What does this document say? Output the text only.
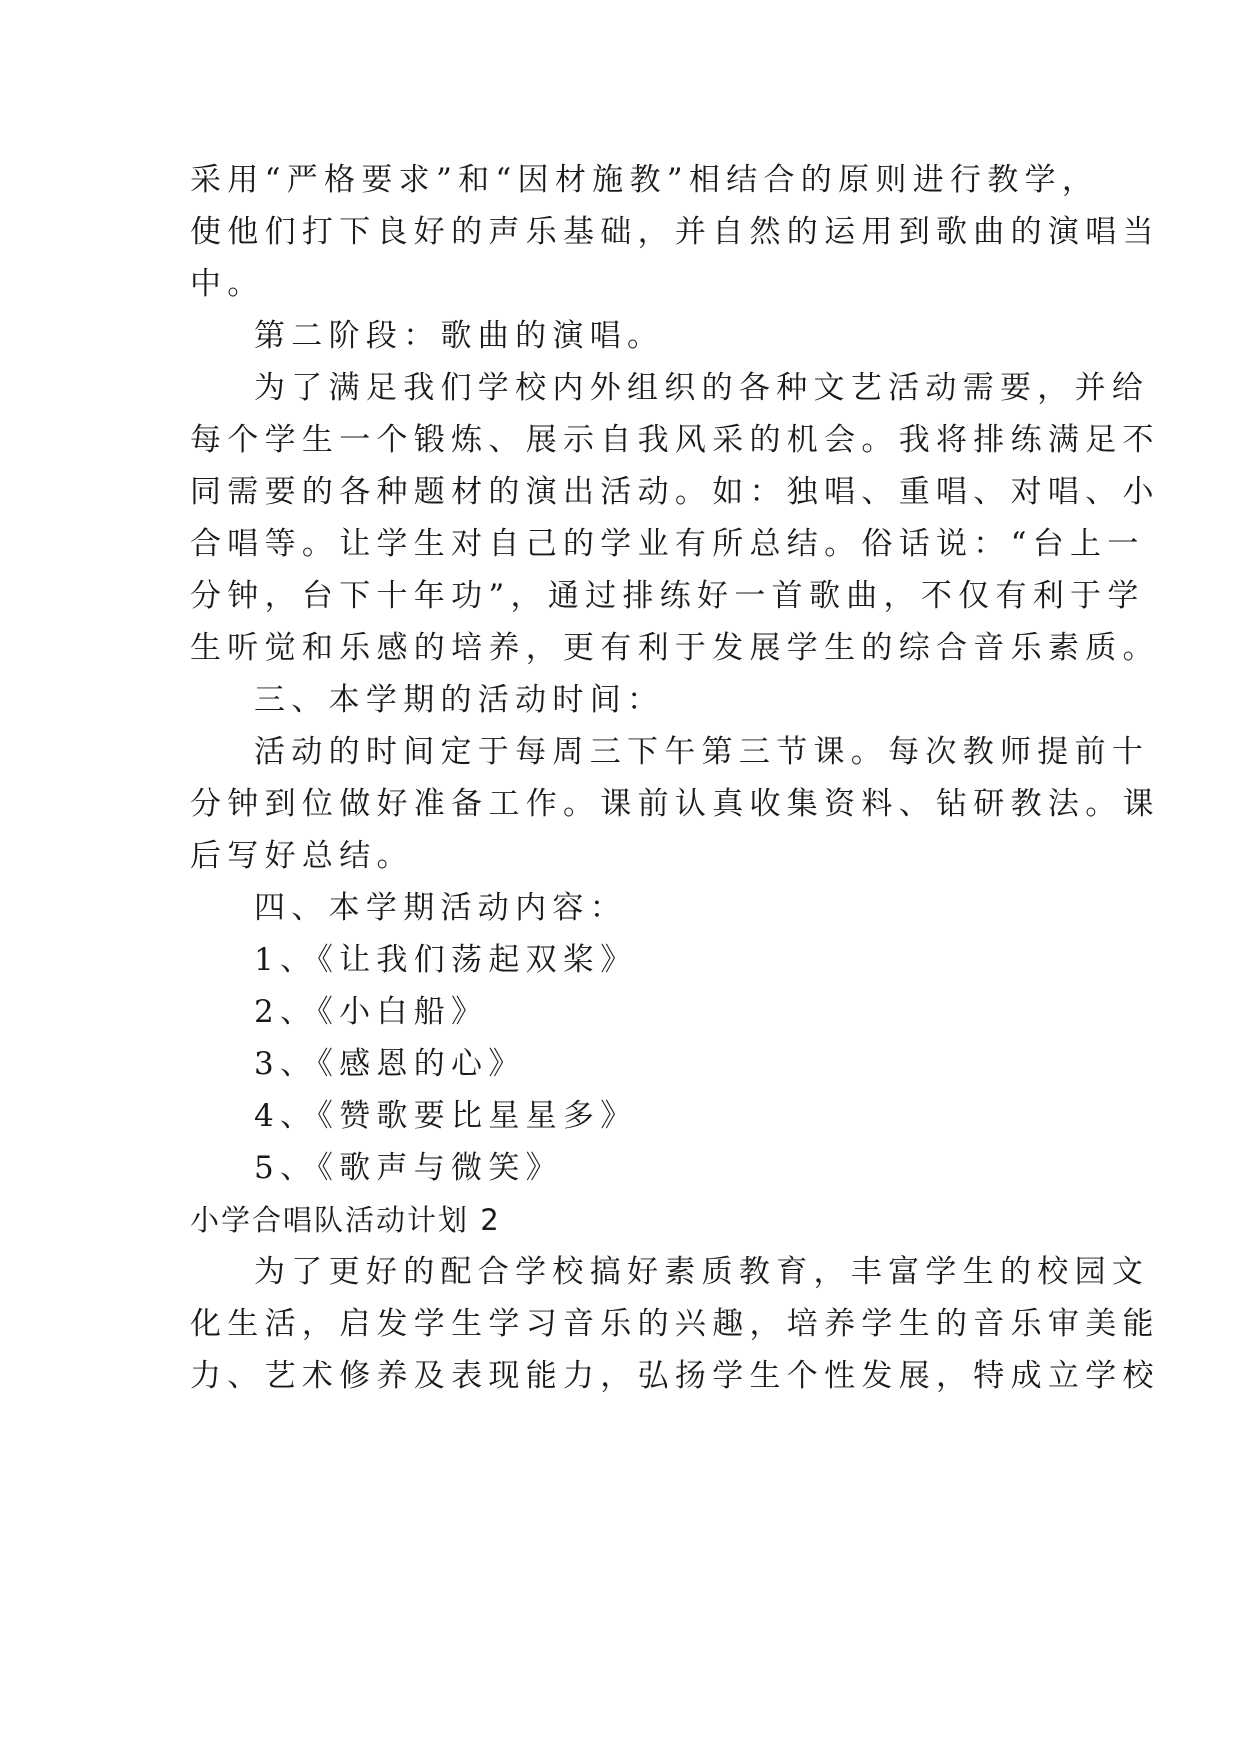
采用“严格要求”和“因材施教”相结合的原则进行教学，
使他们打下良好的声乐基础，并自然的运用到歌曲的演唱当
中。
第二阶段：歌曲的演唱。
为了满足我们学校内外组织的各种文艺活动需要，并给
每个学生一个锻炼、展示自我风采的机会。我将排练满足不
同需要的各种题材的演出活动。如：独唱、重唱、对唱、小
合唱等。让学生对自己的学业有所总结。俗话说：“台上一
分钟，台下十年功”，通过排练好一首歌曲，不仅有利于学
生听觉和乐感的培养，更有利于发展学生的综合音乐素质。
三、本学期的活动时间：
活动的时间定于每周三下午第三节课。每次教师提前十
分钟到位做好准备工作。课前认真收集资料、钻研教法。课
后写好总结。
四、本学期活动内容：
1、《让我们荡起双桨》
2、《小白船》
3、《感恩的心》
4、《赞歌要比星星多》
5、《歌声与微笑》
小学合唱队活动计划 2
为了更好的配合学校搞好素质教育，丰富学生的校园文
化生活，启发学生学习音乐的兴趣，培养学生的音乐审美能
力、艺术修养及表现能力，弘扬学生个性发展，特成立学校
